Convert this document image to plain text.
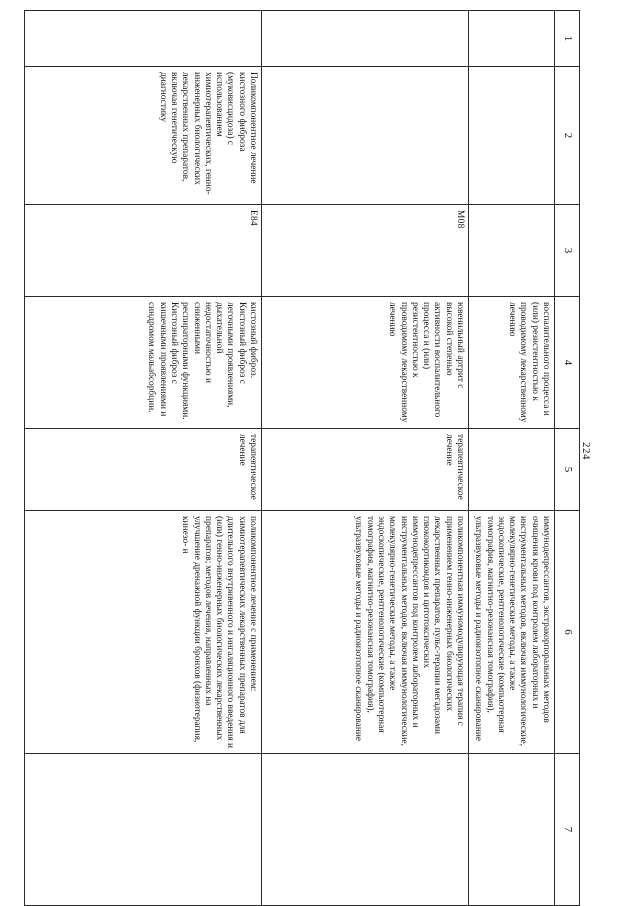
224
1	2	3	4	5	6	7
			воспалительного процесса и (или) резистентностью к проводимому лекарственному лечению		иммунодепрессантов, экстракорпоральных методов очищения крови под контролем лабораторных и инструментальных методов, включая иммунологические, молекулярно-генетические методы, а также эндоскопические, рентгенологические (компьютерная томография, магнитно-резонансная томография), ультразвуковые методы и радиоизотопное сканирование	
		M08	ювенильный артрит с высокой степенью активности воспалительного процесса и (или) резистентностью к проводимому лекарственному лечению	терапевтическое лечение	поликомпонентная иммуномодулирующая терапия с применением генно-инженерных биологических лекарственных препаратов, пульс-терапии мегадозами глюкокортикоидов и цитотоксических иммунодепрессантов под контролем лабораторных и инструментальных методов, включая иммунологические, молекулярно-генетические методы, а также эндоскопические, рентгенологические (компьютерная томография, магнитно-резонансная томография), ультразвуковые методы и радиоизотопное сканирование	
	Поликомпонентное лечение кистозного фиброза (муковисцидоза) с использованием химиотерапевтических, генно-инженерных биологических лекарственных препаратов, включая генетическую диагностику	E84	кистозный фиброз. Кистозный фиброз с легочными проявлениями, дыхательной недостаточностью и сниженными респираторными функциями. Кистозный фиброз с кишечными проявлениями и синдромом мальабсорбции.	терапевтическое лечение	поликомпонентное лечение с применением: химиотерапевтических лекарственных препаратов для длительного внутривенного и ингаляционного введения и (или) генно-инженерных биологических лекарственных препаратов; методов лечения, направленных на улучшение дренажной функции бронхов (физиотерапия, кинезо- и	
